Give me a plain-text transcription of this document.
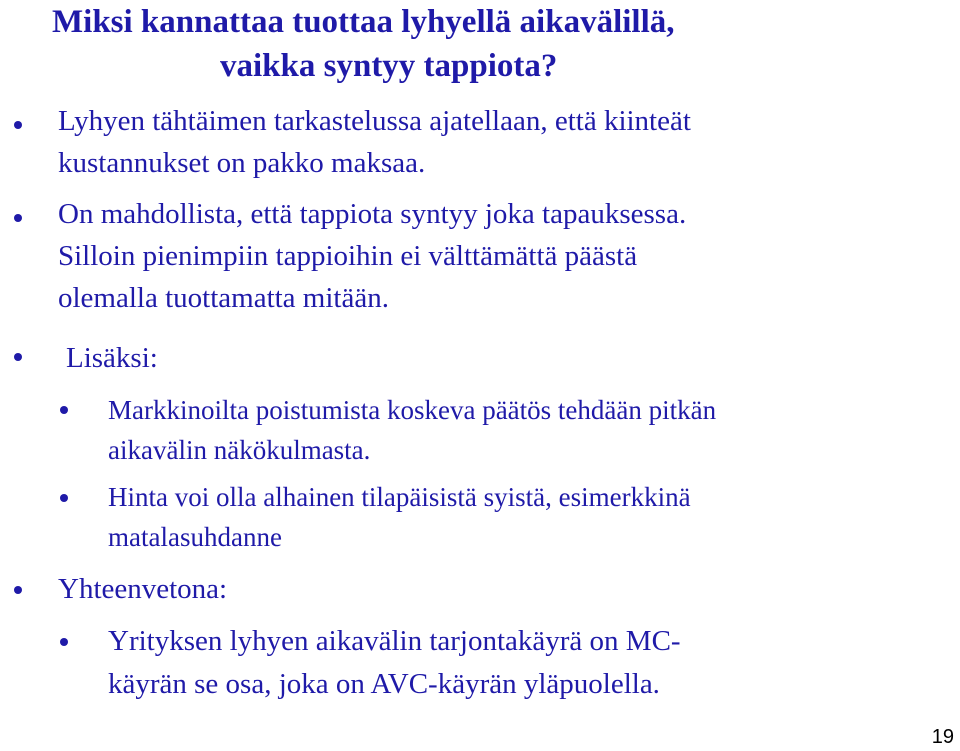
Miksi kannattaa tuottaa lyhyellä aikavälillä,
vaikka syntyy tappiota?
Lyhyen tähtäimen tarkastelussa ajatellaan, että kiinteät
kustannukset on pakko maksaa.
On mahdollista, että tappiota syntyy joka tapauksessa.
Silloin pienimpiin tappioihin ei välttämättä päästä
olemalla tuottamatta mitään.
Lisäksi:
Markkinoilta poistumista koskeva päätös tehdään pitkän
aikavälin näkökulmasta.
Hinta voi olla alhainen tilapäisistä syistä, esimerkkinä
matalasuhdanne
Yhteenvetona:
Yrityksen lyhyen aikavälin tarjontakäyrä on MC-
käyrän se osa, joka on AVC-käyrän yläpuolella.
19
